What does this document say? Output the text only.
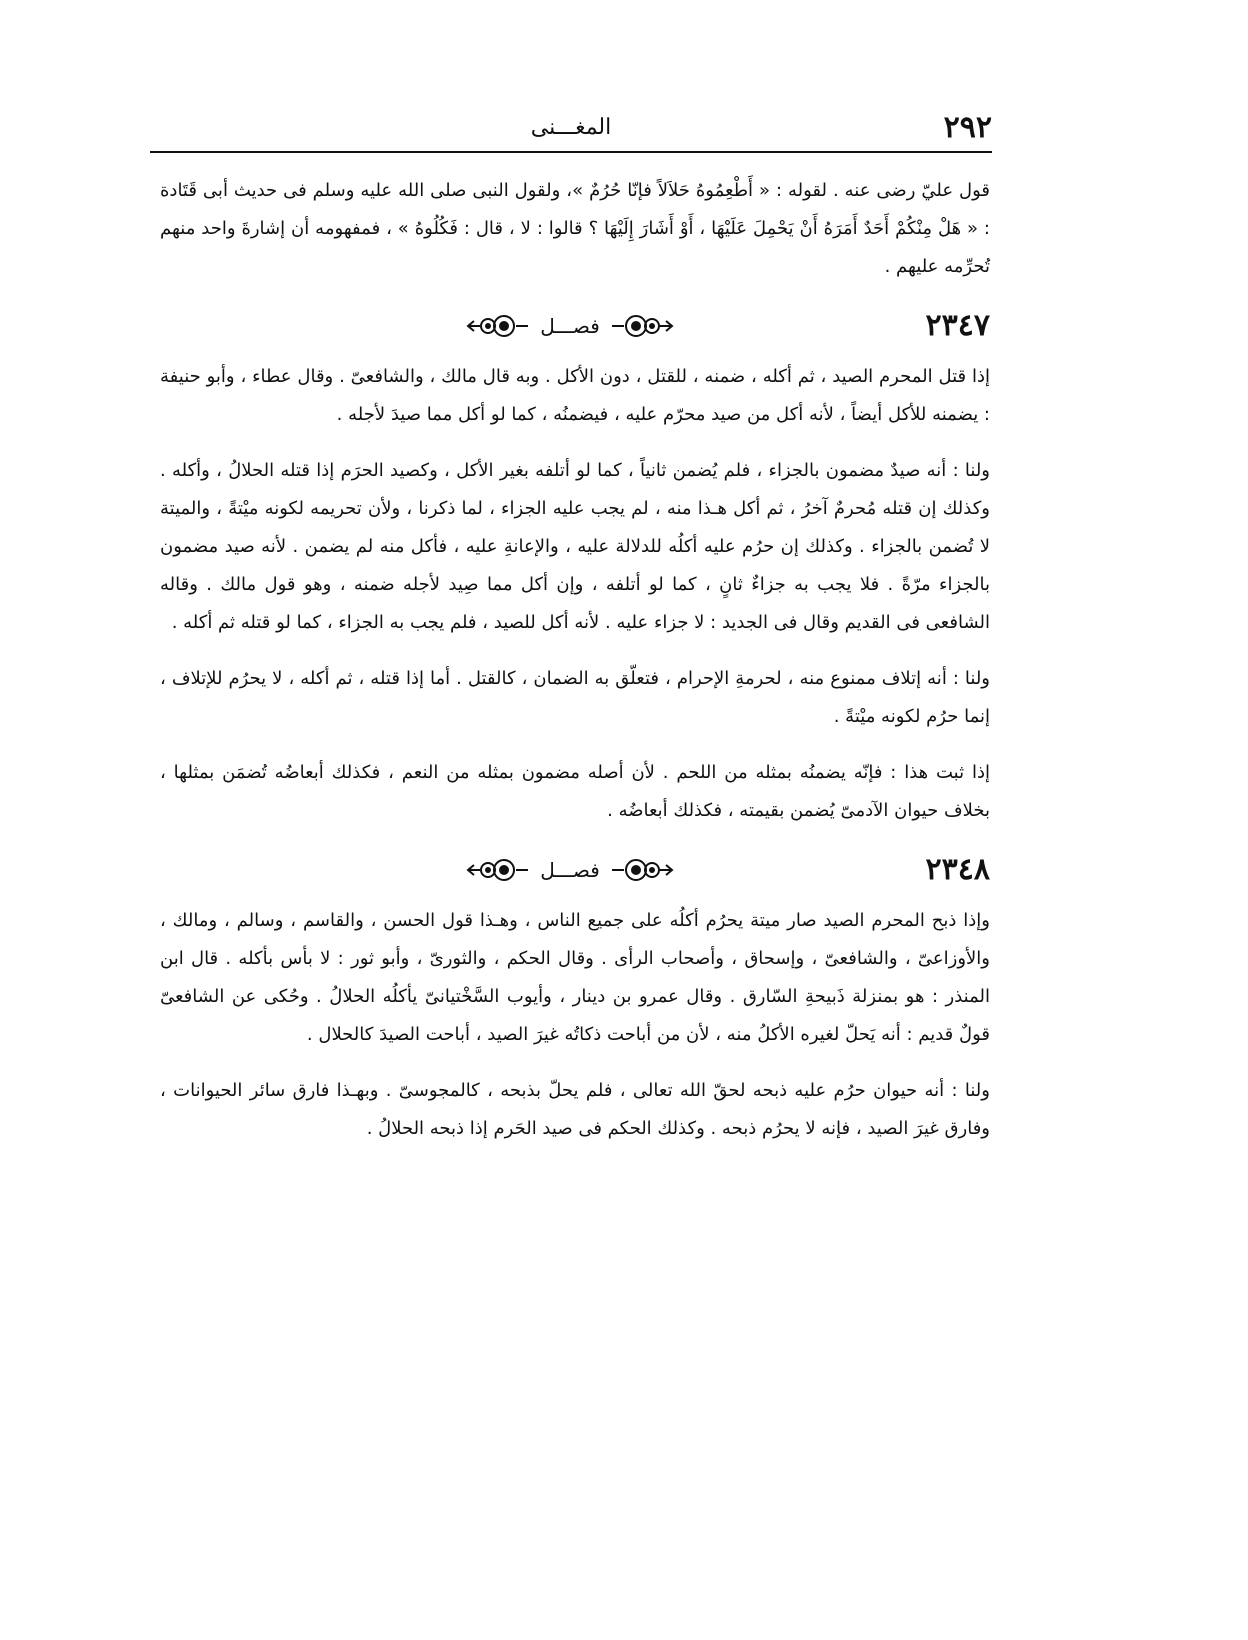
٢٩٢
المغـــنى

قول عليّ رضى عنه . لقوله : « أَطْعِمُوهُ حَلاَلاً فإنّا حُرُمٌ »، ولقول النبى صلى الله عليه وسلم فى حديث أبى قَتَادة : « هَلْ مِنْكُمْ أَحَدٌ أَمَرَهُ أَنْ يَحْمِلَ عَلَيْهَا ، أَوْ أَشَارَ إِلَيْهَا ؟ قالوا : لا ، قال : فَكُلُوهُ » ، فمفهومه أن إشارةَ واحد منهم تُحرِّمه عليهم .

٢٣٤٧
فصـــل

إذا قتل المحرم الصيد ، ثم أكله ، ضمنه ، للقتل ، دون الأكل . وبه قال مالك ، والشافعىّ . وقال عطاء ، وأبو حنيفة : يضمنه للأكل أيضاً ، لأنه أكل من صيد محرّم عليه ، فيضمنُه ، كما لو أكل مما صيدَ لأجله .

ولنا : أنه صيدٌ مضمون بالجزاء ، فلم يُضمن ثانياً ، كما لو أتلفه بغير الأكل ، وكصيد الحرَم إذا قتله الحلالُ ، وأكله . وكذلك إن قتله مُحرمٌ آخرُ ، ثم أكل هـذا منه ، لم يجب عليه الجزاء ، لما ذكرنا ، ولأن تحريمه لكونه ميْتةً ، والميتة لا تُضمن بالجزاء . وكذلك إن حرُم عليه أكلُه للدلالة عليه ، والإعانةِ عليه ، فأكل منه لم يضمن . لأنه صيد مضمون بالجزاء مرّةً . فلا يجب به جزاءٌ ثانٍ ، كما لو أتلفه ، وإن أكل مما صِيد لأجله ضمنه ، وهو قول مالك . وقاله الشافعى فى القديم وقال فى الجديد : لا جزاء عليه . لأنه أكل للصيد ، فلم يجب به الجزاء ، كما لو قتله ثم أكله .

ولنا : أنه إتلاف ممنوع منه ، لحرمةِ الإحرام ، فتعلّق به الضمان ، كالقتل . أما إذا قتله ، ثم أكله ، لا يحرُم للإتلاف ، إنما حرُم لكونه ميْتةً .

إذا ثبت هذا : فإنّه يضمنُه بمثله من اللحم . لأن أصله مضمون بمثله من النعم ، فكذلك أبعاضُه تُضمَن بمثلها ، بخلاف حيوان الآدمىّ يُضمن بقيمته ، فكذلك أبعاضُه .

٢٣٤٨
فصـــل

وإذا ذبح المحرم الصيد صار ميتة يحرُم أكلُه على جميع الناس ، وهـذا قول الحسن ، والقاسم ، وسالم ، ومالك ، والأوزاعىّ ، والشافعىّ ، وإسحاق ، وأصحاب الرأى . وقال الحكم ، والثورىّ ، وأبو ثور : لا بأس بأكله . قال ابن المنذر : هو بمنزلة ذَبيحةِ السّارق . وقال عمرو بن دينار ، وأيوب السَّخْتيانىّ يأكلُه الحلالُ . وحُكى عن الشافعىّ قولٌ قديم : أنه يَحلّ لغيره الأكلُ منه ، لأن من أباحت ذكاتُه غيرَ الصيد ، أباحت الصيدَ كالحلال .

ولنا : أنه حيوان حرُم عليه ذبحه لحقّ الله تعالى ، فلم يحلّ بذبحه ، كالمجوسىّ . وبهـذا فارق سائر الحيوانات ، وفارق غيرَ الصيد ، فإنه لا يحرُم ذبحه . وكذلك الحكم فى صيد الحَرم إذا ذبحه الحلالُ .
